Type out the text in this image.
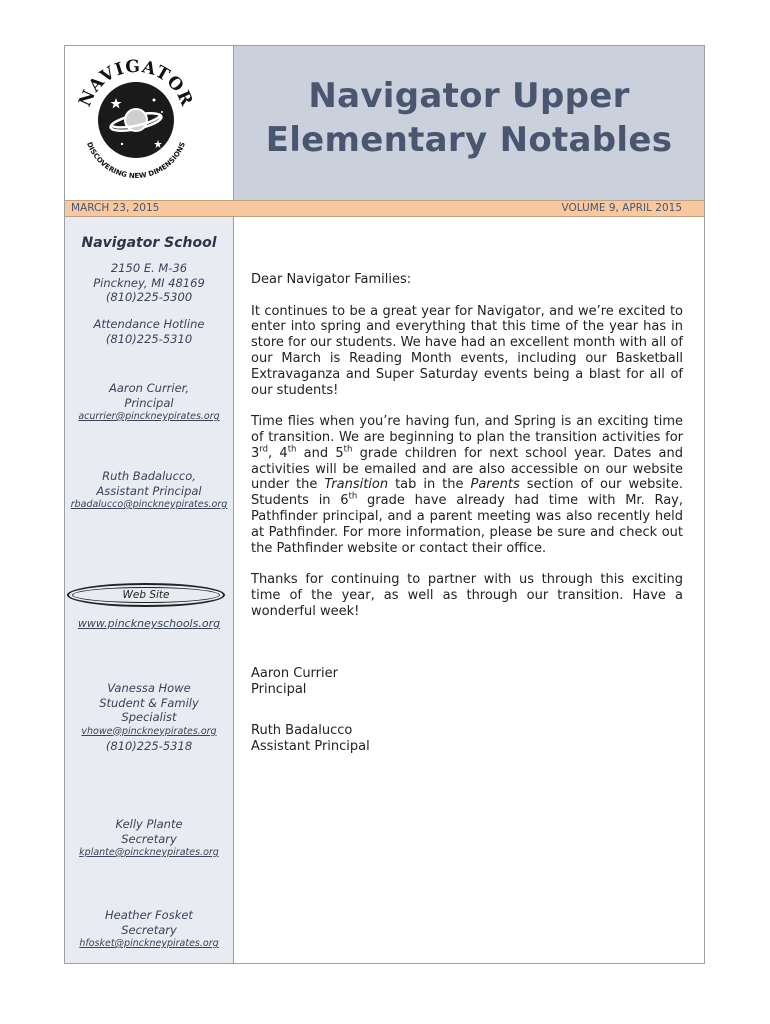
NAVIGATOR
DISCOVERING NEW DIMENSIONS
Navigator Upper
Elementary Notables
MARCH 23, 2015	VOLUME 9, APRIL 2015
Navigator School
2150 E. M-36
Pinckney, MI 48169
(810)225-5300
Attendance Hotline
(810)225-5310
Aaron Currier,
Principal
acurrier@pinckneypirates.org
Ruth Badalucco,
Assistant Principal
rbadalucco@pinckneypirates.org
Web Site
www.pinckneyschools.org
Vanessa Howe
Student & Family
Specialist
vhowe@pinckneypirates.org
(810)225-5318
Kelly Plante
Secretary
kplante@pinckneypirates.org
Heather Fosket
Secretary
hfosket@pinckneypirates.org

Dear Navigator Families:

It continues to be a great year for Navigator, and we’re excited to enter into spring and everything that this time of the year has in store for our students. We have had an excellent month with all of our March is Reading Month events, including our Basketball Extravaganza and Super Saturday events being a blast for all of our students!

Time flies when you’re having fun, and Spring is an exciting time of transition. We are beginning to plan the transition activities for 3rd, 4th and 5th grade children for next school year. Dates and activities will be emailed and are also accessible on our website under the Transition tab in the Parents section of our website. Students in 6th grade have already had time with Mr. Ray, Pathfinder principal, and a parent meeting was also recently held at Pathfinder. For more information, please be sure and check out the Pathfinder website or contact their office.

Thanks for continuing to partner with us through this exciting time of the year, as well as through our transition. Have a wonderful week!

Aaron Currier

Principal

Ruth Badalucco

Assistant Principal
